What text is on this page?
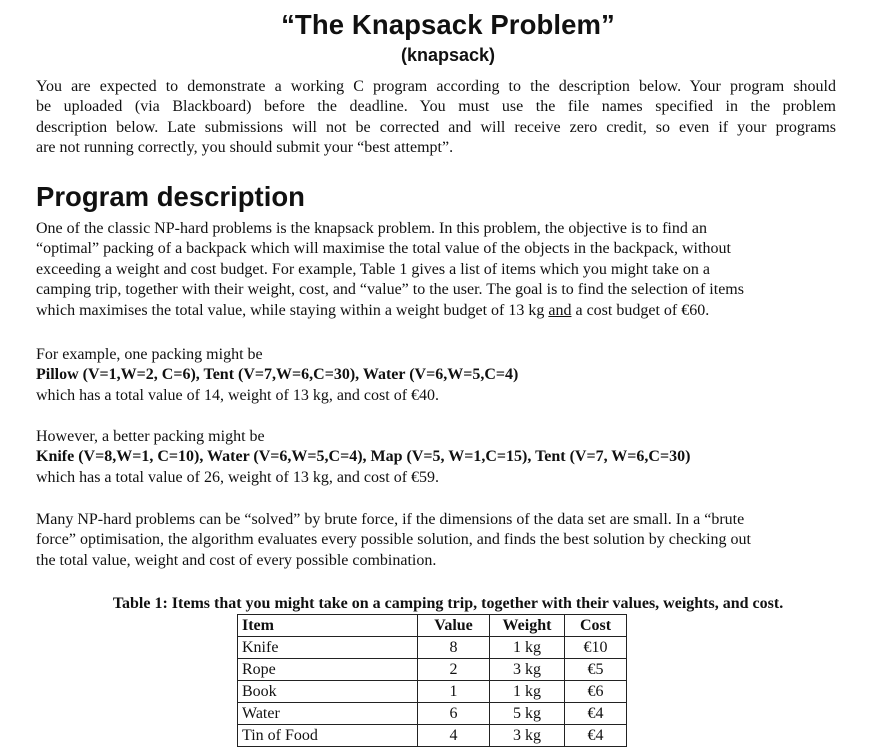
“The Knapsack Problem”
(knapsack)
You are expected to demonstrate a working C program according to the description below. Your program should
be uploaded (via Blackboard) before the deadline. You must use the file names specified in the problem
description below. Late submissions will not be corrected and will receive zero credit, so even if your programs
are not running correctly, you should submit your “best attempt”.
Program description
One of the classic NP-hard problems is the knapsack problem. In this problem, the objective is to find an
“optimal” packing of a backpack which will maximise the total value of the objects in the backpack, without
exceeding a weight and cost budget. For example, Table 1 gives a list of items which you might take on a
camping trip, together with their weight, cost, and “value” to the user. The goal is to find the selection of items
which maximises the total value, while staying within a weight budget of 13 kg and a cost budget of €60.
For example, one packing might be
Pillow (V=1,W=2, C=6), Tent (V=7,W=6,C=30), Water (V=6,W=5,C=4)
which has a total value of 14, weight of 13 kg, and cost of €40.
However, a better packing might be
Knife (V=8,W=1, C=10), Water (V=6,W=5,C=4), Map (V=5, W=1,C=15), Tent (V=7, W=6,C=30)
which has a total value of 26, weight of 13 kg, and cost of €59.
Many NP-hard problems can be “solved” by brute force, if the dimensions of the data set are small. In a “brute
force” optimisation, the algorithm evaluates every possible solution, and finds the best solution by checking out
the total value, weight and cost of every possible combination.
Table 1: Items that you might take on a camping trip, together with their values, weights, and cost.
Item	Value	Weight	Cost
Knife	8	1 kg	€10
Rope	2	3 kg	€5
Book	1	1 kg	€6
Water	6	5 kg	€4
Tin of Food	4	3 kg	€4
